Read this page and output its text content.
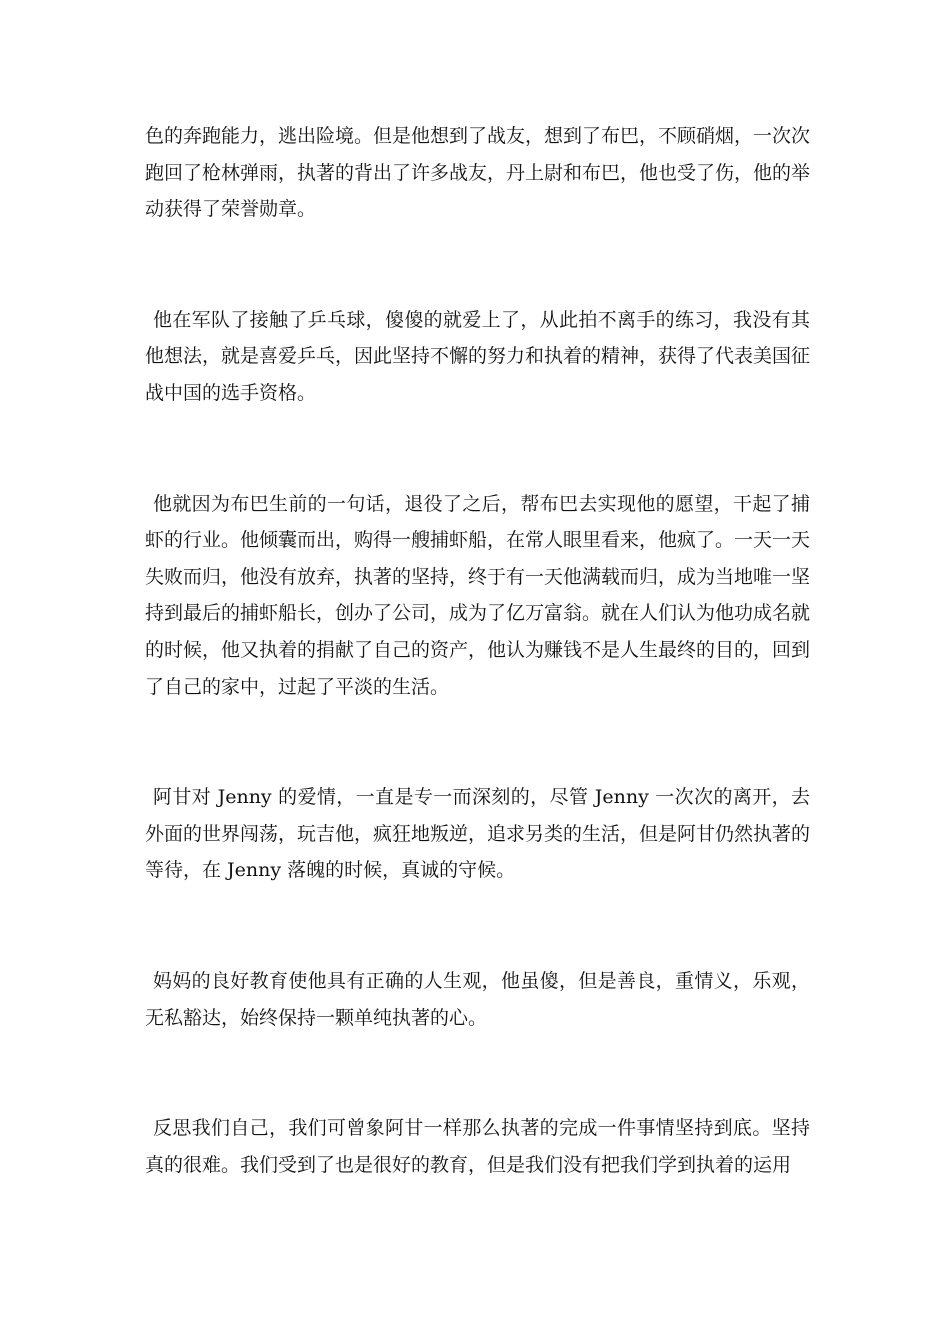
色的奔跑能力，逃出险境。但是他想到了战友，想到了布巴，不顾硝烟，一次次跑回了枪林弹雨，执著的背出了许多战友，丹上尉和布巴，他也受了伤，他的举动获得了荣誉勋章。

他在军队了接触了乒乓球，傻傻的就爱上了，从此拍不离手的练习，我没有其他想法，就是喜爱乒乓，因此坚持不懈的努力和执着的精神，获得了代表美国征战中国的选手资格。

他就因为布巴生前的一句话，退役了之后，帮布巴去实现他的愿望，干起了捕虾的行业。他倾囊而出，购得一艘捕虾船，在常人眼里看来，他疯了。一天一天失败而归，他没有放弃，执著的坚持，终于有一天他满载而归，成为当地唯一坚持到最后的捕虾船长，创办了公司，成为了亿万富翁。就在人们认为他功成名就的时候，他又执着的捐献了自己的资产，他认为赚钱不是人生最终的目的，回到了自己的家中，过起了平淡的生活。

阿甘对 Jenny 的爱情，一直是专一而深刻的，尽管 Jenny 一次次的离开，去外面的世界闯荡，玩吉他，疯狂地叛逆，追求另类的生活，但是阿甘仍然执著的等待，在 Jenny 落魄的时候，真诚的守候。

妈妈的良好教育使他具有正确的人生观，他虽傻，但是善良，重情义，乐观，无私豁达，始终保持一颗单纯执著的心。

反思我们自己，我们可曾象阿甘一样那么执著的完成一件事情坚持到底。坚持真的很难。我们受到了也是很好的教育，但是我们没有把我们学到执着的运用
